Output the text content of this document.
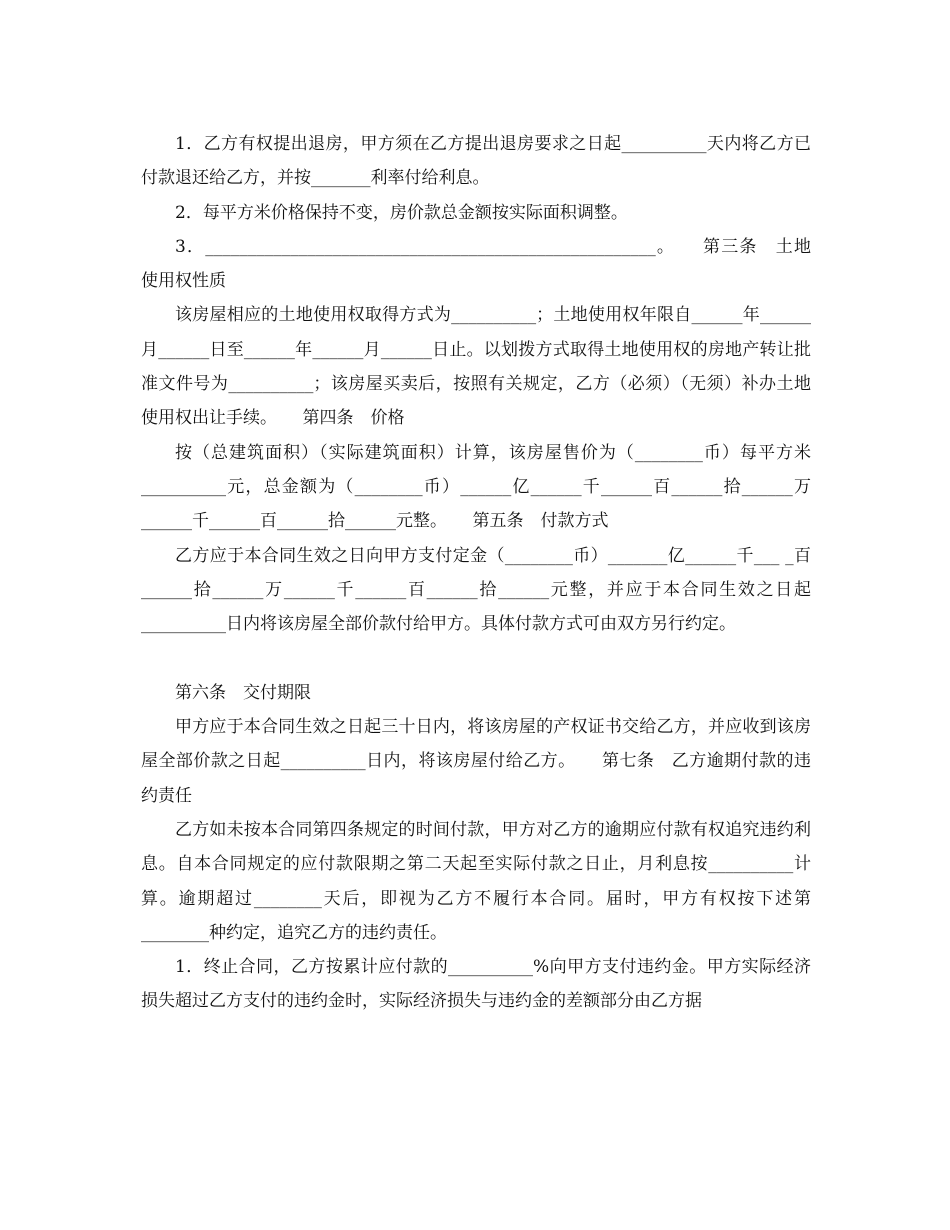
1．乙方有权提出退房，甲方须在乙方提出退房要求之日起__________天内将乙方已付款退还给乙方，并按_______利率付给利息。

2．每平方米价格保持不变，房价款总金额按实际面积调整。

3．_____________________________________________________。　　第三条　土地使用权性质

该房屋相应的土地使用权取得方式为__________；土地使用权年限自______年______月______日至______年______月______日止。以划拨方式取得土地使用权的房地产转让批准文件号为__________；该房屋买卖后，按照有关规定，乙方（必须）（无须）补办土地使用权出让手续。　　第四条　价格

按（总建筑面积）（实际建筑面积）计算，该房屋售价为（________币）每平方米__________元，总金额为（________币）______亿______千______百______拾______万______千______百______拾______元整。　　第五条　付款方式

乙方应于本合同生效之日向甲方支付定金（________币）_______亿______千___ _百______拾______万______千______百______拾______元整，并应于本合同生效之日起__________日内将该房屋全部价款付给甲方。具体付款方式可由双方另行约定。

第六条　交付期限

甲方应于本合同生效之日起三十日内，将该房屋的产权证书交给乙方，并应收到该房屋全部价款之日起__________日内，将该房屋付给乙方。　　第七条　乙方逾期付款的违约责任

乙方如未按本合同第四条规定的时间付款，甲方对乙方的逾期应付款有权追究违约利息。自本合同规定的应付款限期之第二天起至实际付款之日止，月利息按__________计算。逾期超过________天后，即视为乙方不履行本合同。届时，甲方有权按下述第________种约定，追究乙方的违约责任。

1．终止合同，乙方按累计应付款的__________%向甲方支付违约金。甲方实际经济损失超过乙方支付的违约金时，实际经济损失与违约金的差额部分由乙方据
